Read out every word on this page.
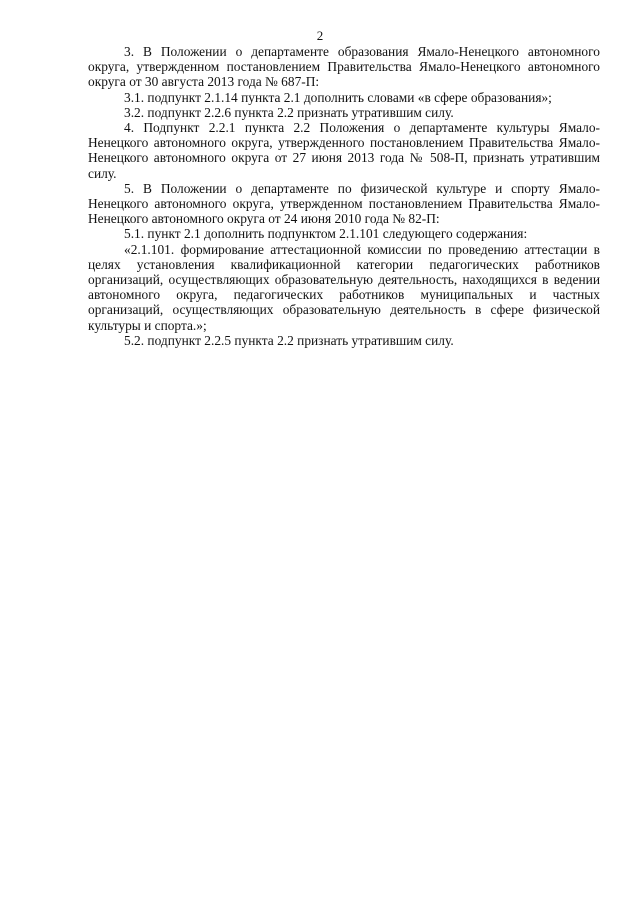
2

3. В Положении о департаменте образования Ямало-Ненецкого автономного округа, утвержденном постановлением Правительства Ямало-Ненецкого автономного округа от 30 августа 2013 года № 687-П:

3.1. подпункт 2.1.14 пункта 2.1 дополнить словами «в сфере образования»;

3.2. подпункт 2.2.6 пункта 2.2 признать утратившим силу.

4. Подпункт 2.2.1 пункта 2.2 Положения о департаменте культуры Ямало-Ненецкого автономного округа, утвержденного постановлением Правительства Ямало-Ненецкого автономного округа от 27 июня 2013 года № 508-П, признать утратившим силу.

5. В Положении о департаменте по физической культуре и спорту Ямало-Ненецкого автономного округа, утвержденном постановлением Правительства Ямало-Ненецкого автономного округа от 24 июня 2010 года № 82-П:

5.1. пункт 2.1 дополнить подпунктом 2.1.101 следующего содержания:

«2.1.101. формирование аттестационной комиссии по проведению аттестации в целях установления квалификационной категории педагогических работников организаций, осуществляющих образовательную деятельность, находящихся в ведении автономного округа, педагогических работников муниципальных и частных организаций, осуществляющих образовательную деятельность в сфере физической культуры и спорта.»;

5.2. подпункт 2.2.5 пункта 2.2 признать утратившим силу.
